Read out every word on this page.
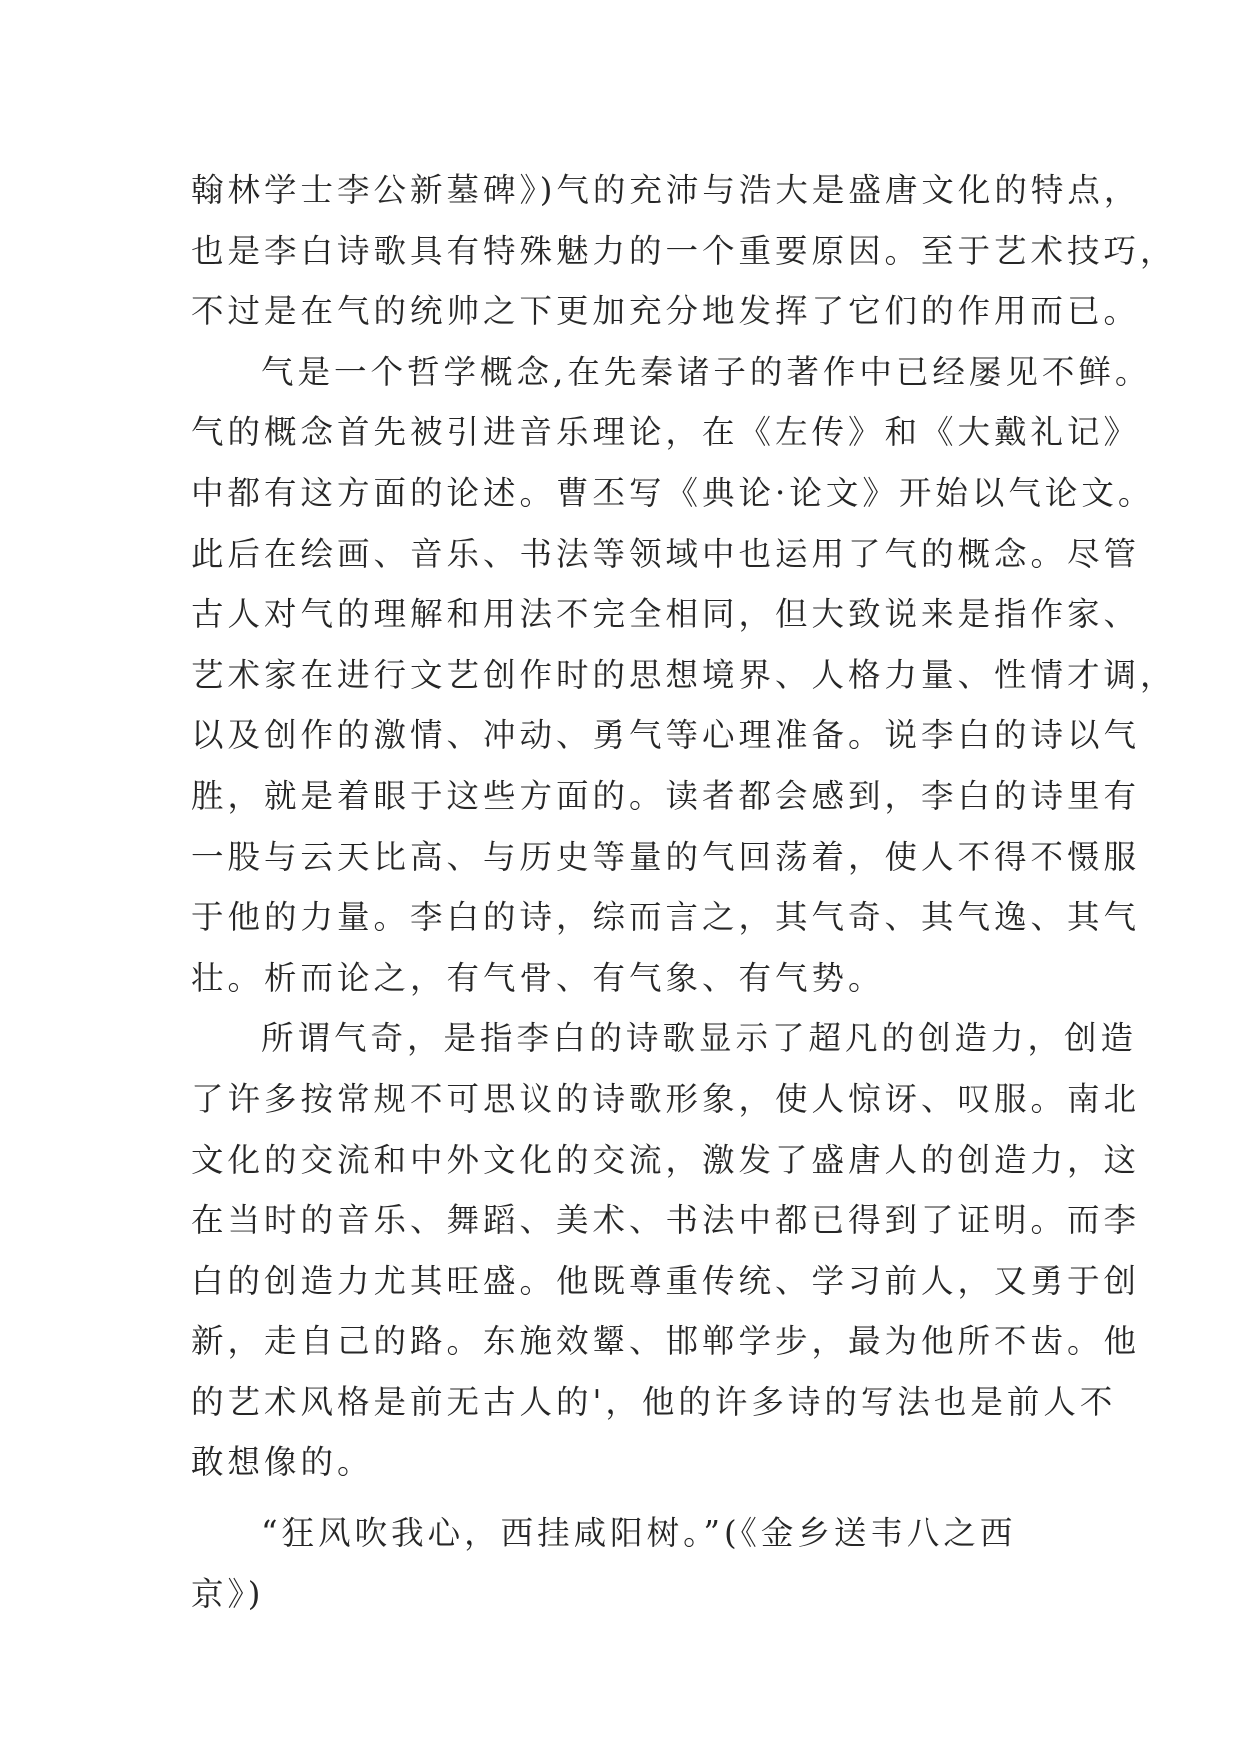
翰林学士李公新墓碑》)气的充沛与浩大是盛唐文化的特点，
也是李白诗歌具有特殊魅力的一个重要原因。至于艺术技巧，
不过是在气的统帅之下更加充分地发挥了它们的作用而已。
气是一个哲学概念,在先秦诸子的著作中已经屡见不鲜。
气的概念首先被引进音乐理论，在《左传》和《大戴礼记》
中都有这方面的论述。曹丕写《典论·论文》开始以气论文。
此后在绘画、音乐、书法等领域中也运用了气的概念。尽管
古人对气的理解和用法不完全相同，但大致说来是指作家、
艺术家在进行文艺创作时的思想境界、人格力量、性情才调，
以及创作的激情、冲动、勇气等心理准备。说李白的诗以气
胜，就是着眼于这些方面的。读者都会感到，李白的诗里有
一股与云天比高、与历史等量的气回荡着，使人不得不慑服
于他的力量。李白的诗，综而言之，其气奇、其气逸、其气
壮。析而论之，有气骨、有气象、有气势。
所谓气奇，是指李白的诗歌显示了超凡的创造力，创造
了许多按常规不可思议的诗歌形象，使人惊讶、叹服。南北
文化的交流和中外文化的交流，激发了盛唐人的创造力，这
在当时的音乐、舞蹈、美术、书法中都已得到了证明。而李
白的创造力尤其旺盛。他既尊重传统、学习前人，又勇于创
新，走自己的路。东施效颦、邯郸学步，最为他所不齿。他
的艺术风格是前无古人的'，他的许多诗的写法也是前人不
敢想像的。
“狂风吹我心，西挂咸阳树。”(《金乡送韦八之西
京》)
